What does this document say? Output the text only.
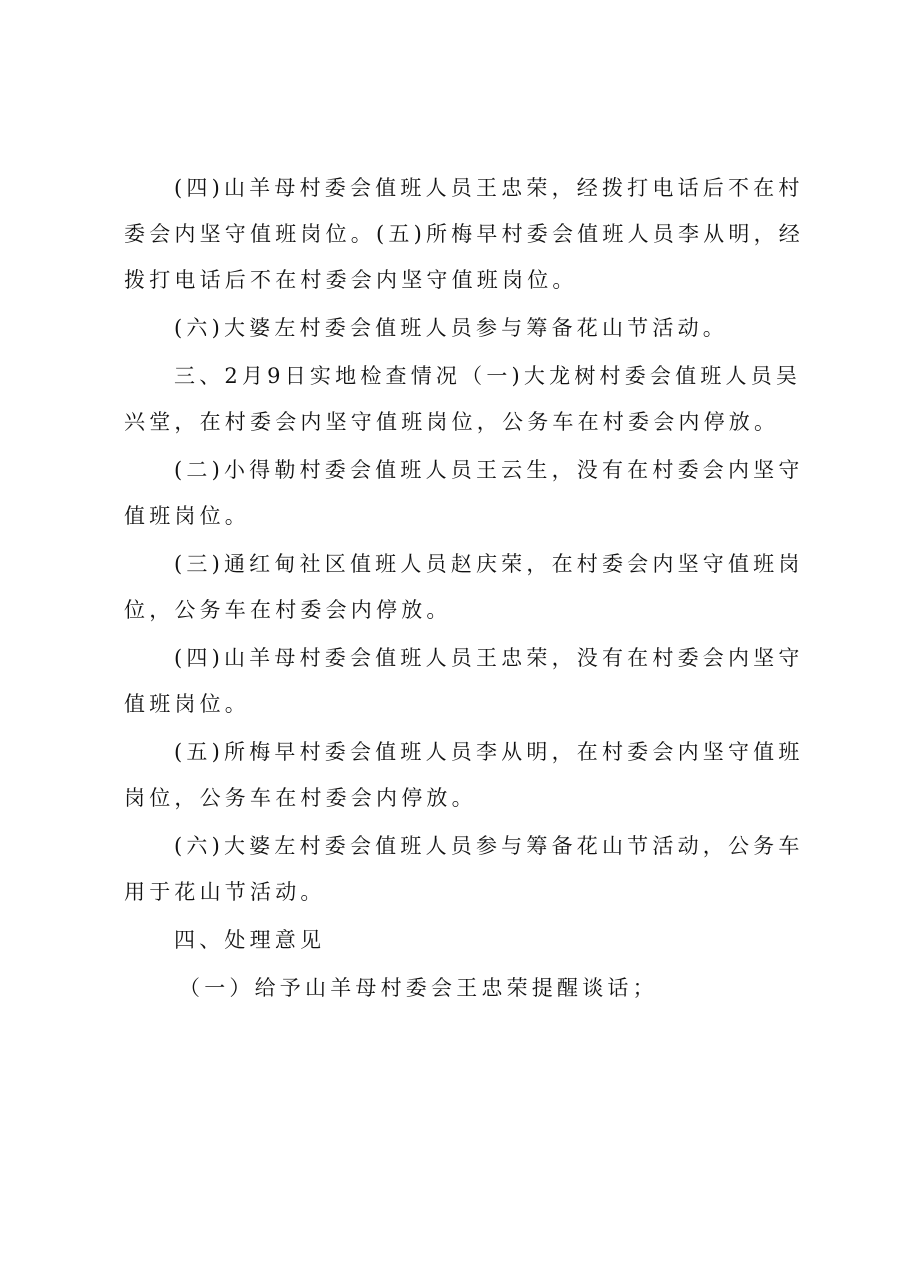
(四)山羊母村委会值班人员王忠荣，经拨打电话后不在村委会内坚守值班岗位。(五)所梅早村委会值班人员李从明，经拨打电话后不在村委会内坚守值班岗位。

(六)大婆左村委会值班人员参与筹备花山节活动。

三、2月9日实地检查情况（一)大龙树村委会值班人员吴兴堂，在村委会内坚守值班岗位，公务车在村委会内停放。

(二)小得勒村委会值班人员王云生，没有在村委会内坚守值班岗位。

(三)通红甸社区值班人员赵庆荣，在村委会内坚守值班岗位，公务车在村委会内停放。

(四)山羊母村委会值班人员王忠荣，没有在村委会内坚守值班岗位。

(五)所梅早村委会值班人员李从明，在村委会内坚守值班岗位，公务车在村委会内停放。

(六)大婆左村委会值班人员参与筹备花山节活动，公务车用于花山节活动。

四、处理意见

（一）给予山羊母村委会王忠荣提醒谈话；
